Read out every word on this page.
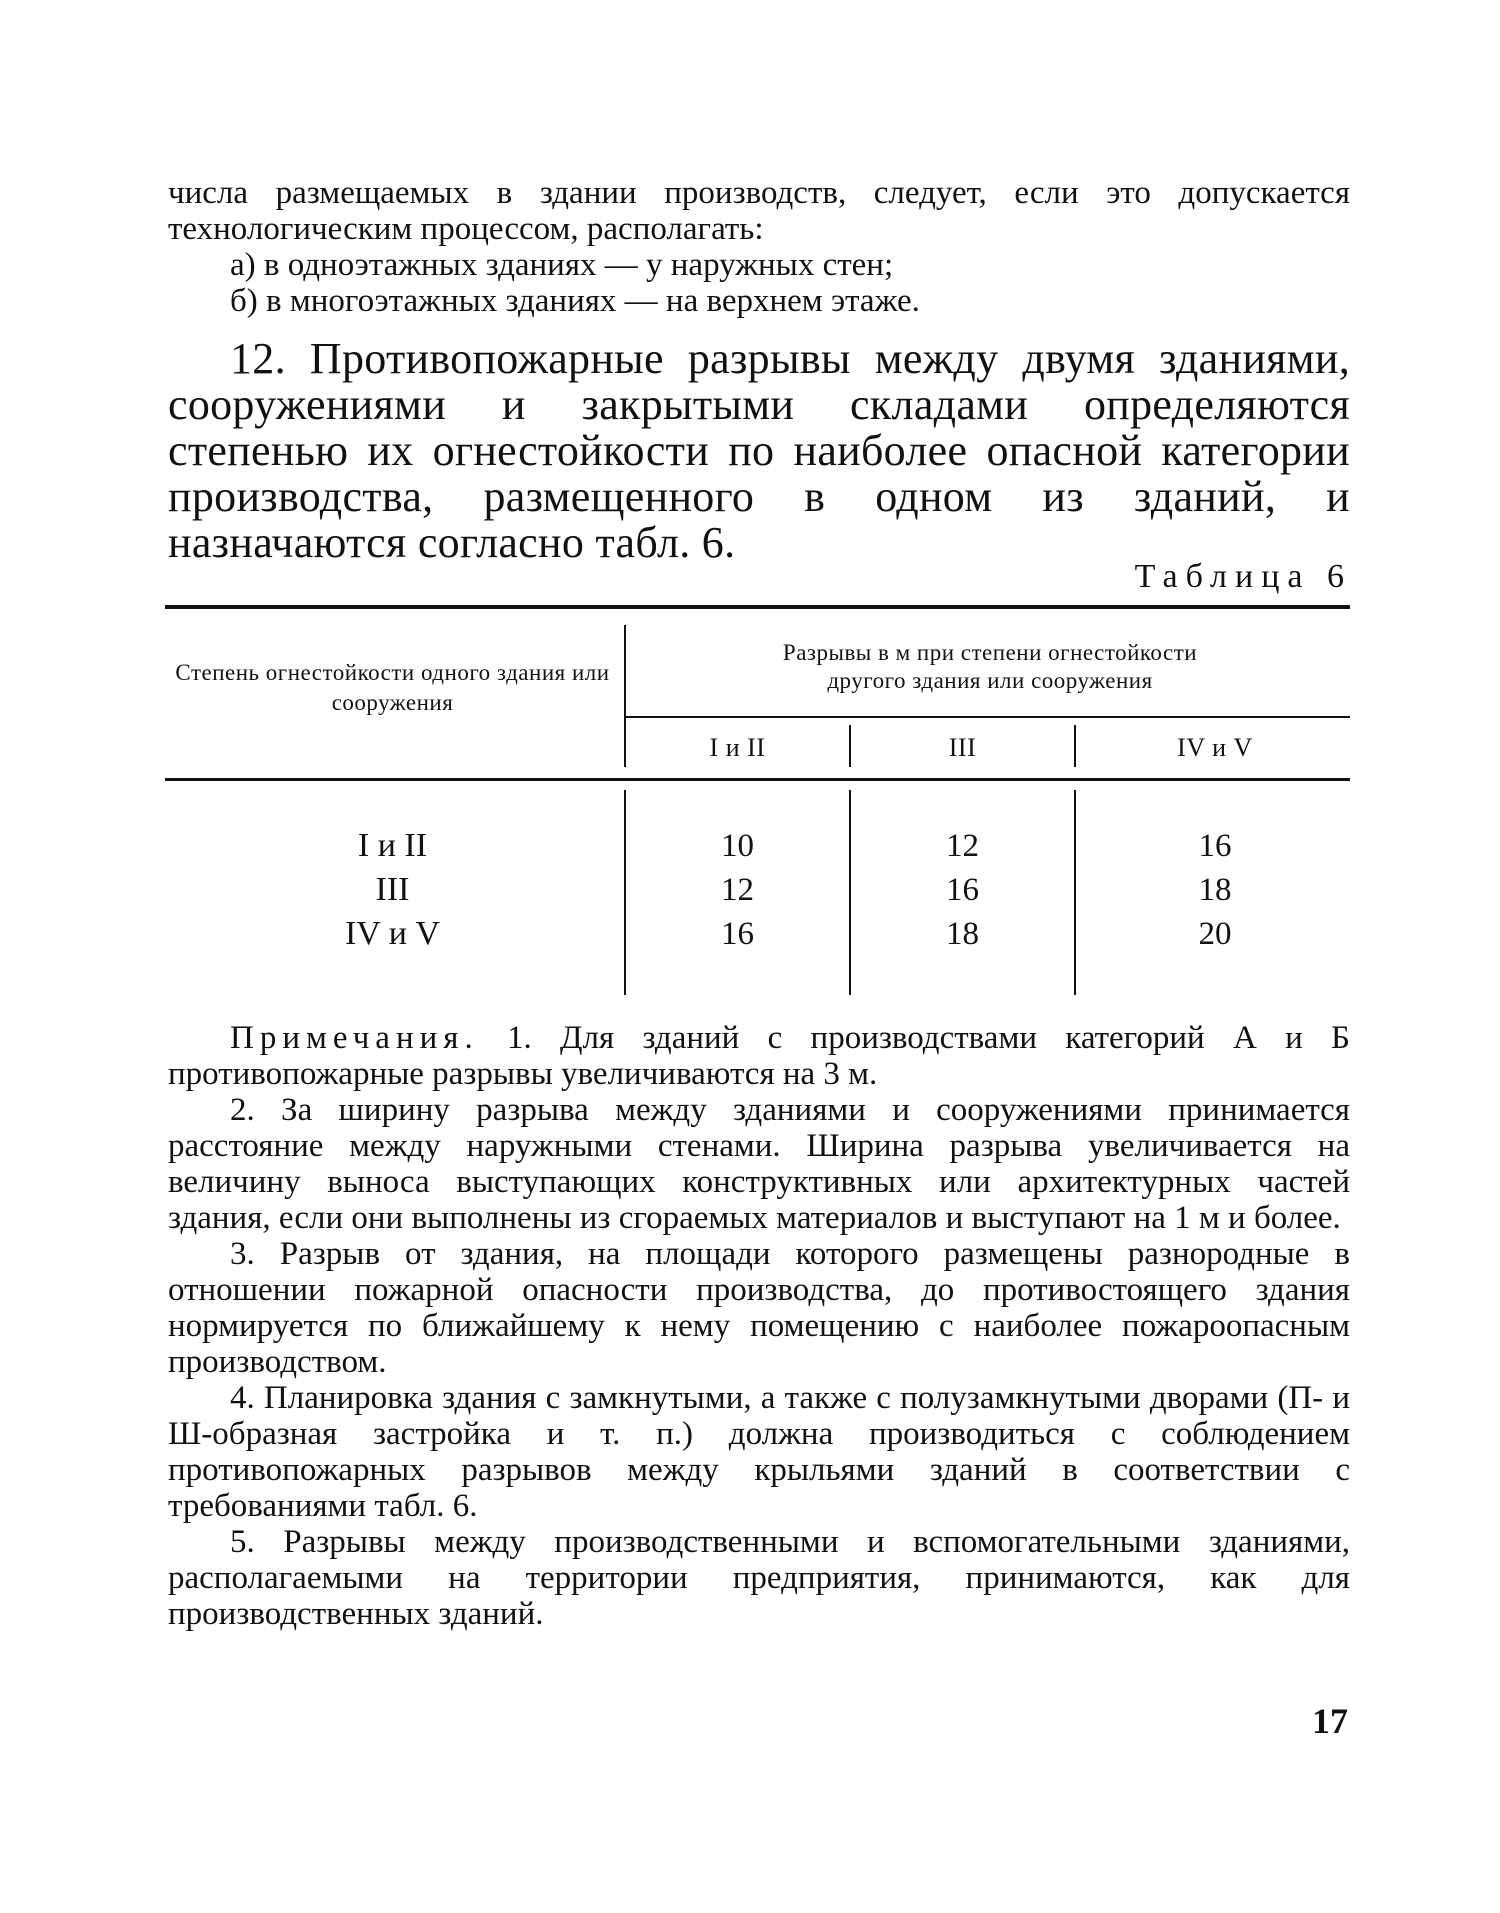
числа размещаемых в здании производств, следует, если это допускается технологическим процессом, располагать:

а) в одноэтажных зданиях — у наружных стен;

б) в многоэтажных зданиях — на верхнем этаже.

12. Противопожарные разрывы между двумя зданиями, сооружениями и закрытыми складами определяются степенью их огнестойкости по наиболее опасной категории производства, размещенного в одном из зданий, и назначаются согласно табл. 6.

Таблица 6
Степень огнестойкости одного здания или сооружения
Разрывы в м при степени огнестойкости
другого здания или сооружения
I и II	III	IV и V
I и II	10	12	16
III	12	16	18
IV и V	16	18	20

Примечания. 1. Для зданий с производствами категорий А и Б противопожарные разрывы увеличиваются на 3 м.

2. За ширину разрыва между зданиями и сооружениями принимается расстояние между наружными стенами. Ширина разрыва увеличивается на величину выноса выступающих конструктивных или архитектурных частей здания, если они выполнены из сгораемых материалов и выступают на 1 м и более.

3. Разрыв от здания, на площади которого размещены разнородные в отношении пожарной опасности производства, до противостоящего здания нормируется по ближайшему к нему помещению с наиболее пожароопасным производством.

4. Планировка здания с замкнутыми, а также с полузамкнутыми дворами (П- и Ш-образная застройка и т. п.) должна производиться с соблюдением противопожарных разрывов между крыльями зданий в соответствии с требованиями табл. 6.

5. Разрывы между производственными и вспомогательными зданиями, располагаемыми на территории предприятия, принимаются, как для производственных зданий.

17
